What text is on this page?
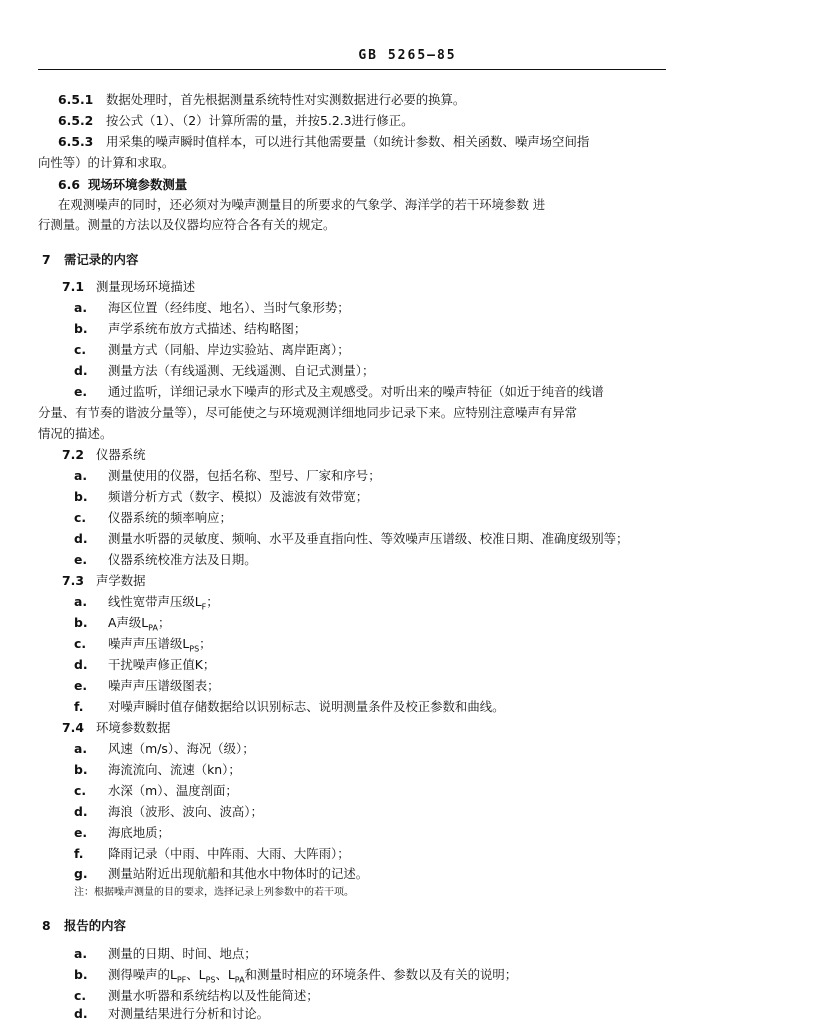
GB 5265—85
6.5.1 数据处理时，首先根据测量系统特性对实测数据进行必要的换算。
6.5.2 按公式（1）、（2）计算所需的量，并按5.2.3进行修正。
6.5.3 用采集的噪声瞬时值样本，可以进行其他需要量（如统计参数、相关函数、噪声场空间指
向性等）的计算和求取。
6.6 现场环境参数测量
在观测噪声的同时，还必须对为噪声测量目的所要求的气象学、海洋学的若干环境参数 进
行测量。测量的方法以及仪器均应符合各有关的规定。
7 需记录的内容
7.1 测量现场环境描述
a. 海区位置（经纬度、地名）、当时气象形势；
b. 声学系统布放方式描述、结构略图；
c. 测量方式（同船、岸边实验站、离岸距离）；
d. 测量方法（有线遥测、无线遥测、自记式测量）；
e. 通过监听，详细记录水下噪声的形式及主观感受。对听出来的噪声特征（如近于纯音的线谱
分量、有节奏的谐波分量等），尽可能使之与环境观测详细地同步记录下来。应特别注意噪声有异常
情况的描述。
7.2 仪器系统
a. 测量使用的仪器，包括名称、型号、厂家和序号；
b. 频谱分析方式（数字、模拟）及滤波有效带宽；
c. 仪器系统的频率响应；
d. 测量水听器的灵敏度、频响、水平及垂直指向性、等效噪声压谱级、校准日期、准确度级别等；
e. 仪器系统校准方法及日期。
7.3 声学数据
a. 线性宽带声压级$L_F$；
b. A声级$L_{PA}$；
c. 噪声声压谱级$L_{PS}$；
d. 干扰噪声修正值K；
e. 噪声声压谱级图表；
f. 对噪声瞬时值存储数据给以识别标志、说明测量条件及校正参数和曲线。
7.4 环境参数数据
a. 风速（m/s）、海况（级）；
b. 海流流向、流速（kn）；
c. 水深（m）、温度剖面；
d. 海浪（波形、波向、波高）；
e. 海底地质；
f. 降雨记录（中雨、中阵雨、大雨、大阵雨）；
g. 测量站附近出现航船和其他水中物体时的记述。
注：根据噪声测量的目的要求，选择记录上列参数中的若干项。
8 报告的内容
a. 测量的日期、时间、地点；
b. 测得噪声的$L_{PF}$、$L_{PS}$、$L_{PA}$和测量时相应的环境条件、参数以及有关的说明；
c. 测量水听器和系统结构以及性能简述；
d. 对测量结果进行分析和讨论。
